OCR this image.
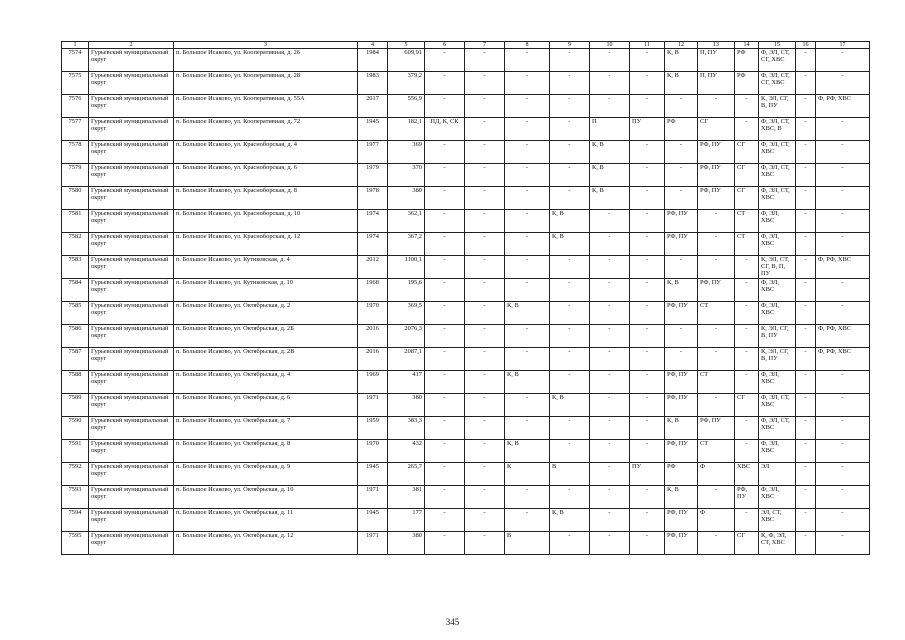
1	2	3	4	5	6	7	8	9	10	11	12	13	14	15	16	17
7574	Гурьевский муниципальный округ	п. Большое Исаково, ул. Кооперативная, д. 26	1984	609,91	-	-	-	-	-	-	К, В	П, ПУ	РФ	Ф, ЭЛ, СТ, СГ, ХВС	-	-
7575	Гурьевский муниципальный округ	п. Большое Исаково, ул. Кооперативная, д. 28	1983	379,2	-	-	-	-	-	-	К, В	П, ПУ	РФ	Ф, ЭЛ, СТ, СГ, ХВС	-	-
7576	Гурьевский муниципальный округ	п. Большое Исаково, ул. Кооперативная, д. 55А	2017	556,9	-	-	-	-	-	-	-	-	-	К, ЭЛ, СГ, В, ПУ	-	Ф, РФ, ХВС
7577	Гурьевский муниципальный округ	п. Большое Исаково, ул. Кооперативная, д. 72	1945	182,1	ПД, К, СК	-	-	-	П	ПУ	РФ	СГ	-	Ф, ЭЛ, СТ, ХВС, В	-	-
7578	Гурьевский муниципальный округ	п. Большое Исаково, ул. Красноборская, д. 4	1977	369	-	-	-	-	К, В	-	-	РФ, ПУ	СГ	Ф, ЭЛ, СТ, ХВС	-	-
7579	Гурьевский муниципальный округ	п. Большое Исаково, ул. Красноборская, д. 6	1979	370	-	-	-	-	К, В	-	-	РФ, ПУ	СГ	Ф, ЭЛ, СТ, ХВС	-	-
7580	Гурьевский муниципальный округ	п. Большое Исаково, ул. Красноборская, д. 8	1978	380	-	-	-	-	К, В	-	-	РФ, ПУ	СГ	Ф, ЭЛ, СТ, ХВС	-	-
7581	Гурьевский муниципальный округ	п. Большое Исаково, ул. Красноборская, д. 10	1974	362,1	-	-	-	К, В	-	-	РФ, ПУ	-	СТ	Ф, ЭЛ, ХВС	-	-
7582	Гурьевский муниципальный округ	п. Большое Исаково, ул. Красноборская, д. 12	1974	367,2	-	-	-	К, В	-	-	РФ, ПУ	-	СТ	Ф, ЭЛ, ХВС	-	-
7583	Гурьевский муниципальный округ	п. Большое Исаково, ул. Кутиковская, д. 4	2012	1100,1	-	-	-	-	-	-	-	-	-	К, ЭЛ, СТ, СГ, В, П, ПУ	-	Ф, РФ, ХВС
7584	Гурьевский муниципальный округ	п. Большое Исаково, ул. Кутиковская, д. 10	1968	195,6	-	-	-	-	-	-	К, В	РФ, ПУ	-	Ф, ЭЛ, ХВС	-	-
7585	Гурьевский муниципальный округ	п. Большое Исаково, ул. Октябрьская, д. 2	1970	369,5	-	-	К, В	-	-	-	РФ, ПУ	СТ	-	Ф, ЭЛ, ХВС	-	-
7586	Гурьевский муниципальный округ	п. Большое Исаково, ул. Октябрьская, д. 2Б	2016	2076,3	-	-	-	-	-	-	-	-	-	К, ЭЛ, СГ, В, ПУ	-	Ф, РФ, ХВС
7587	Гурьевский муниципальный округ	п. Большое Исаково, ул. Октябрьская, д. 2В	2016	2087,1	-	-	-	-	-	-	-	-	-	К, ЭЛ, СГ, В, ПУ	-	Ф, РФ, ХВС
7588	Гурьевский муниципальный округ	п. Большое Исаково, ул. Октябрьская, д. 4	1969	417	-	-	К, В	-	-	-	РФ, ПУ	СТ	-	Ф, ЭЛ, ХВС	-	-
7589	Гурьевский муниципальный округ	п. Большое Исаково, ул. Октябрьская, д. 6	1971	380	-	-	-	К, В	-	-	РФ, ПУ	-	СГ	Ф, ЭЛ, СТ, ХВС	-	-
7590	Гурьевский муниципальный округ	п. Большое Исаково, ул. Октябрьская, д. 7	1959	383,3	-	-	-	-	-	-	К, В	РФ, ПУ	-	Ф, ЭЛ, СТ, ХВС	-	-
7591	Гурьевский муниципальный округ	п. Большое Исаково, ул. Октябрьская, д. 8	1970	432	-	-	К, В	-	-	-	РФ, ПУ	СТ	-	Ф, ЭЛ, ХВС	-	-
7592	Гурьевский муниципальный округ	п. Большое Исаково, ул. Октябрьская, д. 9	1945	265,7	-	-	К	В	-	ПУ	РФ	Ф	ХВС	ЭЛ	-	-
7593	Гурьевский муниципальный округ	п. Большое Исаково, ул. Октябрьская, д. 10	1971	381	-	-	-	-	-	-	К, В	-	РФ, ПУ	Ф, ЭЛ, ХВС	-	-
7594	Гурьевский муниципальный округ	п. Большое Исаково, ул. Октябрьская, д. 11	1945	177	-	-	-	К, В	-	-	РФ, ПУ	Ф	-	ЭЛ, СТ, ХВС	-	-
7595	Гурьевский муниципальный округ	п. Большое Исаково, ул. Октябрьская, д. 12	1971	380	-	-	В	-	-	-	РФ, ПУ	-	СГ	К, Ф, ЭЛ, СТ, ХВС	-	-
345
